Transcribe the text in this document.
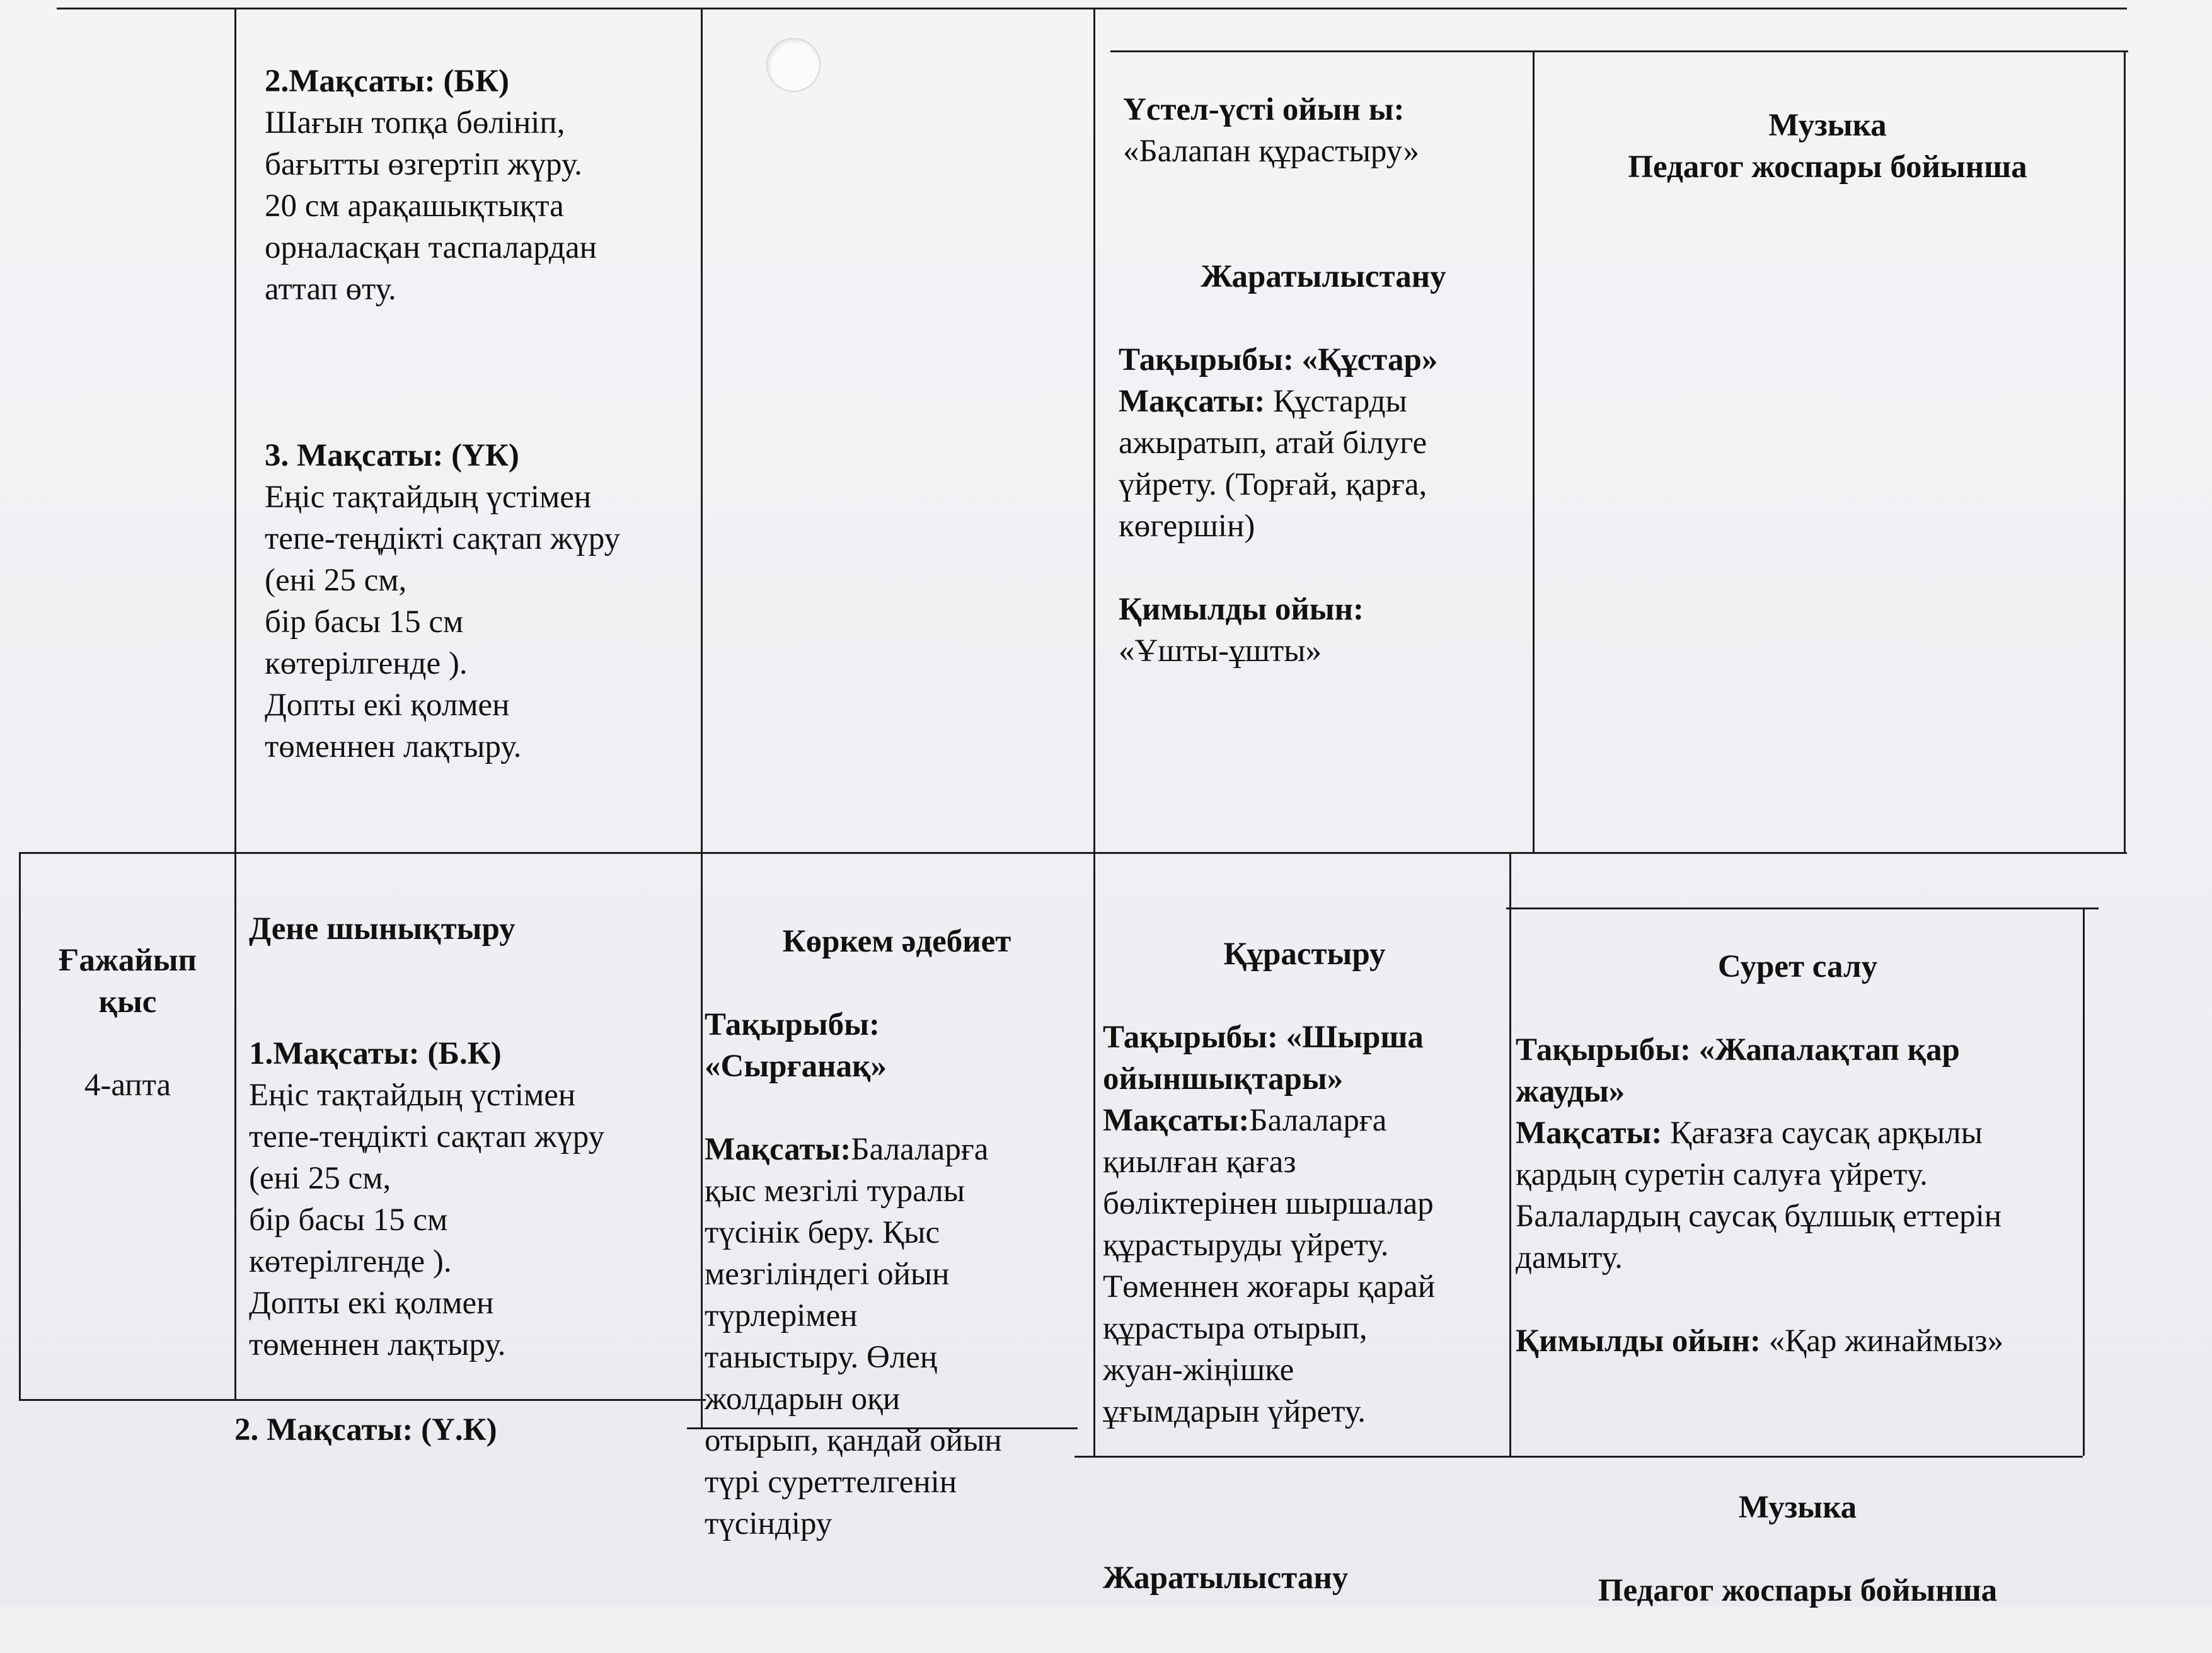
2.Мақсаты: (БК)

Шағын топқа бөлініп,
бағытты өзгертіп жүру.
20 см арақашықтықта
орналасқан таспалардан
аттап өту.

3. Мақсаты: (ҮК)

Еңіс тақтайдың үстімен
тепе-теңдікті сақтап жүру
(ені 25 см,
бір басы 15 см
көтерілгенде ).
Допты екі қолмен
төменнен лақтыру.

Үстел-үсті ойын ы:

«Балапан құрастыру»

Жаратылыстану

Тақырыбы: «Құстар»

Мақсаты: Құстарды
ажыратып, атай білуге
үйрету. (Торғай, қарға,
көгершін)

Қимылды ойын:

«Ұшты-ұшты»

Музыка

Педагог жоспары бойынша

Ғажайып

қыс

4-апта

Дене шынықтыру

1.Мақсаты: (Б.К)

Еңіс тақтайдың үстімен
тепе-теңдікті сақтап жүру
(ені 25 см,
бір басы 15 см
көтерілгенде ).
Допты екі қолмен
төменнен лақтыру.

2. Мақсаты: (Ү.К)

Көркем әдебиет

Тақырыбы:

«Сырғанақ»

Мақсаты:Балаларға
қыс мезгілі туралы
түсінік беру. Қыс
мезгіліндегі ойын
түрлерімен
таныстыру. Өлең
жолдарын оқи
отырып, қандай ойын
түрі суреттелгенін
түсіндіру

Құрастыру

Тақырыбы: «Шырша
ойыншықтары»

Мақсаты:Балаларға
қиылған қағаз
бөліктерінен шыршалар
құрастыруды үйрету.
Төменнен жоғары қарай
құрастыра отырып,
жуан-жіңішке
ұғымдарын үйрету.

Жаратылыстану

Сурет салу

Тақырыбы: «Жапалақтап қар
жауды»

Мақсаты: Қағазға саусақ арқылы
қардың суретін салуға үйрету.
Балалардың саусақ бұлшық еттерін
дамыту.

Қимылды ойын: «Қар жинаймыз»

Музыка

Педагог жоспары бойынша
